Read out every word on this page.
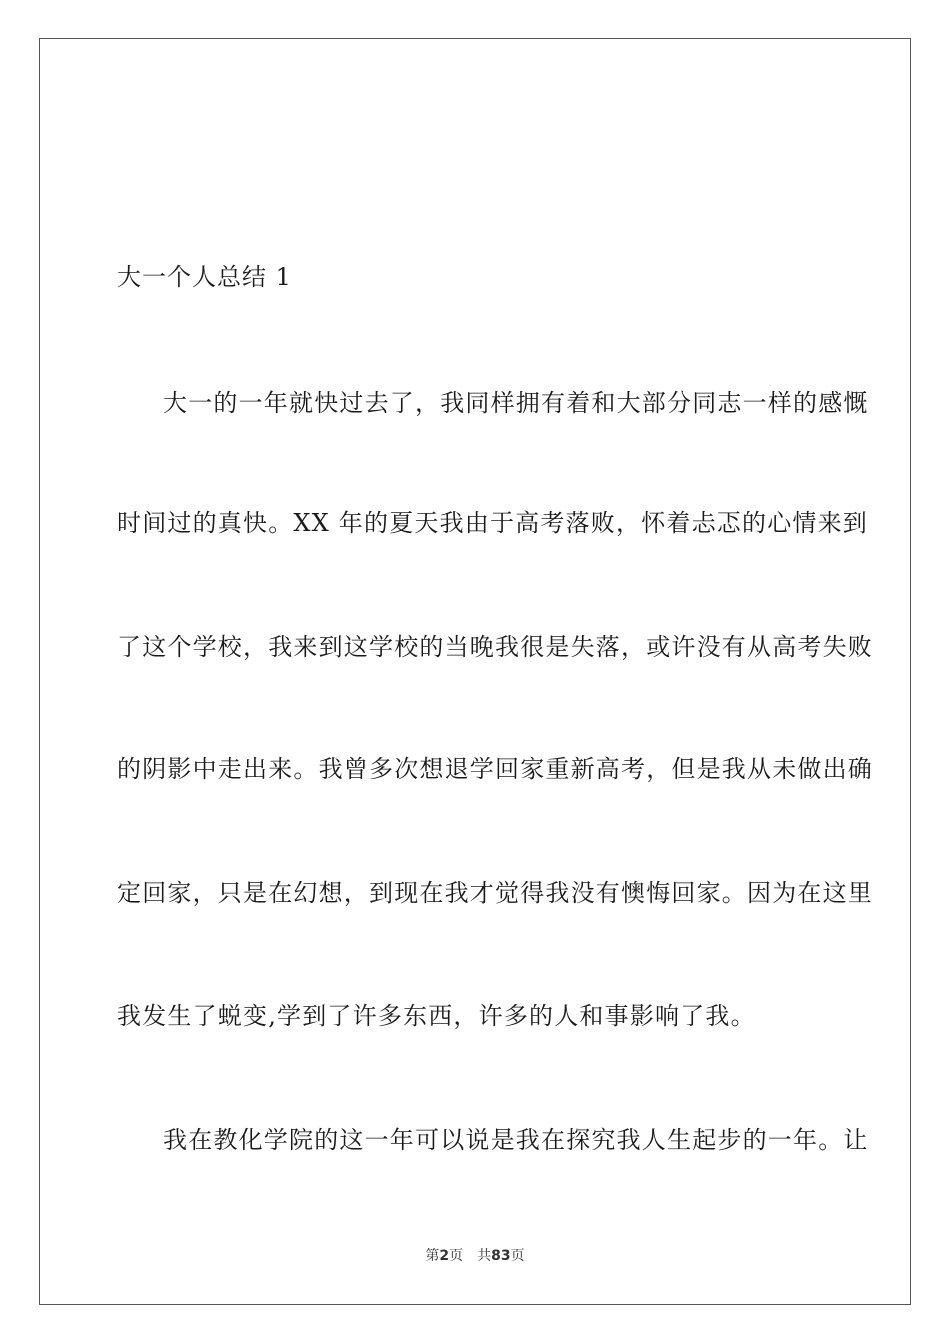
大一个人总结 1
大一的一年就快过去了，我同样拥有着和大部分同志一样的感慨
时间过的真快。XX 年的夏天我由于高考落败，怀着忐忑的心情来到
了这个学校，我来到这学校的当晚我很是失落，或许没有从高考失败
的阴影中走出来。我曾多次想退学回家重新高考，但是我从未做出确
定回家，只是在幻想，到现在我才觉得我没有懊悔回家。因为在这里
我发生了蜕变,学到了许多东西，许多的人和事影响了我。
我在教化学院的这一年可以说是我在探究我人生起步的一年。让
第2页 共83页
